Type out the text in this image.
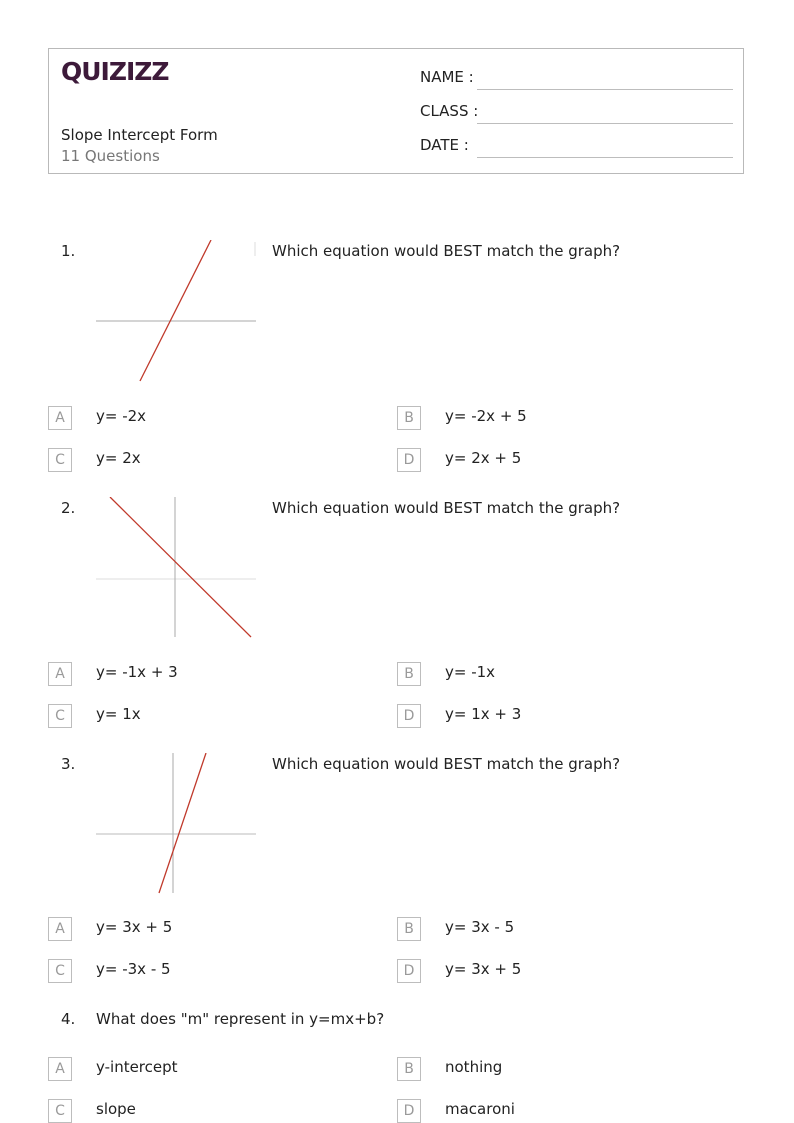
QUIZIZZ
Slope Intercept Form
11 Questions
NAME :
CLASS :
DATE :
1.	Which equation would BEST match the graph?
A	y= -2x	B	y= -2x + 5
C	y= 2x	D	y= 2x + 5
2.	Which equation would BEST match the graph?
A	y= -1x + 3	B	y= -1x
C	y= 1x	D	y= 1x + 3
3.	Which equation would BEST match the graph?
A	y= 3x + 5	B	y= 3x - 5
C	y= -3x - 5	D	y= 3x + 5
4. What does "m" represent in y=mx+b?
A	y-intercept	B	nothing
C	slope	D	macaroni
